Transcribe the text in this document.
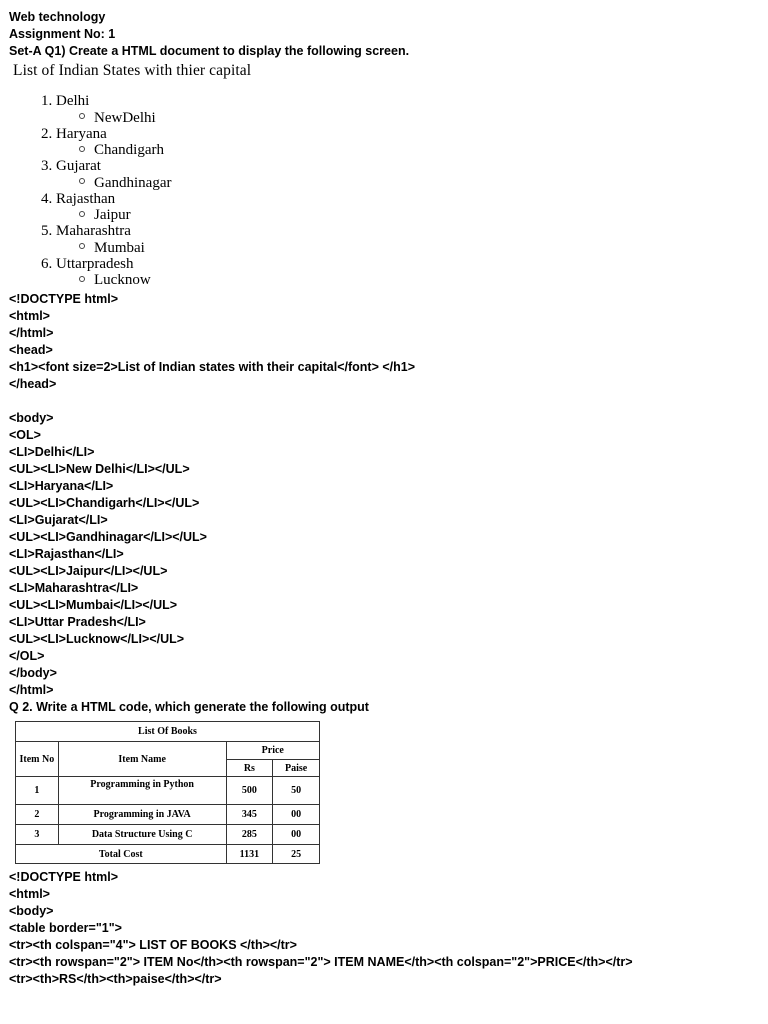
Web technology
Assignment No: 1
Set-A Q1) Create a HTML document to display the following screen.
List of Indian States with thier capital
1. Delhi
NewDelhi
2. Haryana
Chandigarh
3. Gujarat
Gandhinagar
4. Rajasthan
Jaipur
5. Maharashtra
Mumbai
6. Uttarpradesh
Lucknow
<!DOCTYPE html>
<html>
</html>
<head>
<h1><font size=2>List of Indian states with their capital</font> </h1>
</head>
<body>
<OL>
<LI>Delhi</LI>
<UL><LI>New Delhi</LI></UL>
<LI>Haryana</LI>
<UL><LI>Chandigarh</LI></UL>
<LI>Gujarat</LI>
<UL><LI>Gandhinagar</LI></UL>
<LI>Rajasthan</LI>
<UL><LI>Jaipur</LI></UL>
<LI>Maharashtra</LI>
<UL><LI>Mumbai</LI></UL>
<LI>Uttar Pradesh</LI>
<UL><LI>Lucknow</LI></UL>
</OL>
</body>
</html>
Q 2. Write a HTML code, which generate the following output
List Of Books			
Item No	Item Name	Price	
		Rs	Paise
1	Programming in Python	500	50
2	Programming in JAVA	345	00
3	Data Structure Using C	285	00
Total Cost		1131	25
<!DOCTYPE html>
<html>
<body>
<table border="1">
<tr><th colspan="4"> LIST OF BOOKS </th></tr>
<tr><th rowspan="2"> ITEM No</th><th rowspan="2"> ITEM NAME</th><th colspan="2">PRICE</th></tr>
<tr><th>RS</th><th>paise</th></tr>
